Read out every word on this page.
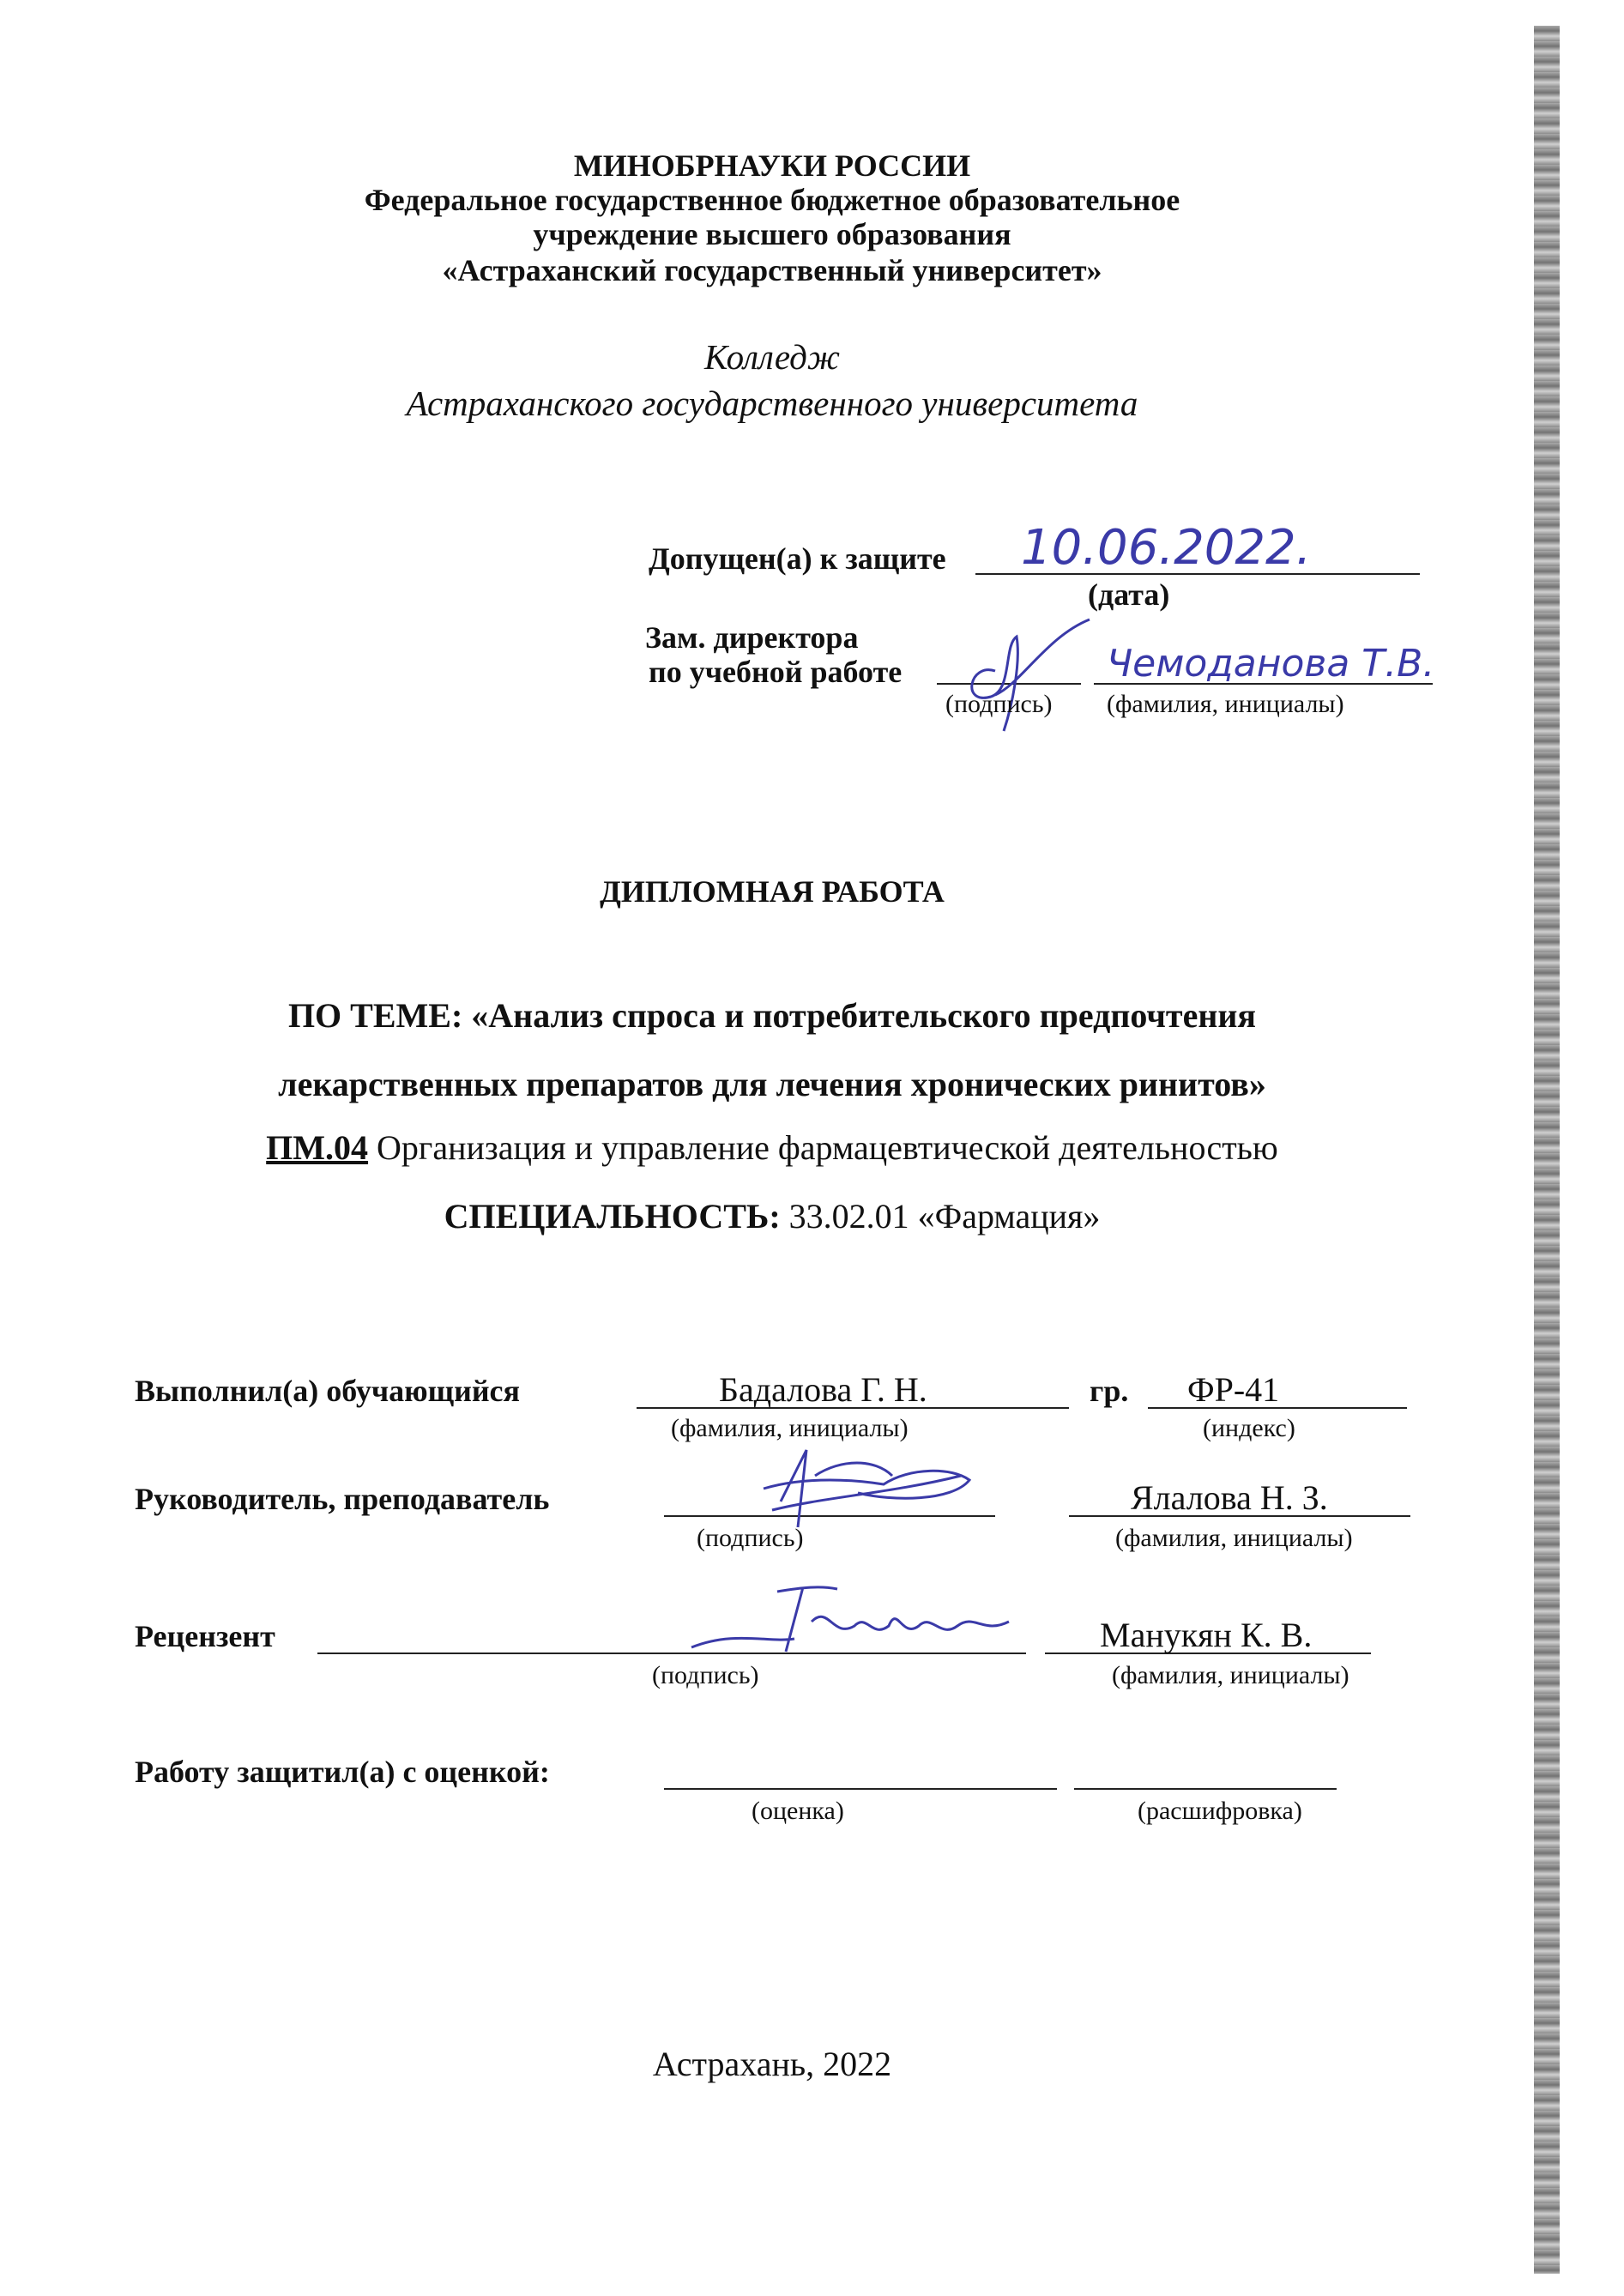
МИНОБРНАУКИ РОССИИ
Федеральное государственное бюджетное образовательное
учреждение высшего образования
«Астраханский государственный университет»
Колледж
Астраханского государственного университета
Допущен(а) к защите 10.06.2022.
(дата)
Зам. директора
по учебной работе	Чемоданова Т.В.
(подпись) (фамилия, инициалы)
ДИПЛОМНАЯ РАБОТА
ПО ТЕМЕ: «Анализ спроса и потребительского предпочтения
лекарственных препаратов для лечения хронических ринитов»
ПМ.04 Организация и управление фармацевтической деятельностью
СПЕЦИАЛЬНОСТЬ: 33.02.01 «Фармация»
Выполнил(а) обучающийся	Бадалова Г. Н.	гр. ФР-41
(фамилия, инициалы)	(индекс)
Руководитель, преподаватель	Ялалова Н. З.
(подпись)	(фамилия, инициалы)
Рецензент	Манукян К. В.
(подпись)	(фамилия, инициалы)
Работу защитил(а) с оценкой:
(оценка)	(расшифровка)
Астрахань, 2022
